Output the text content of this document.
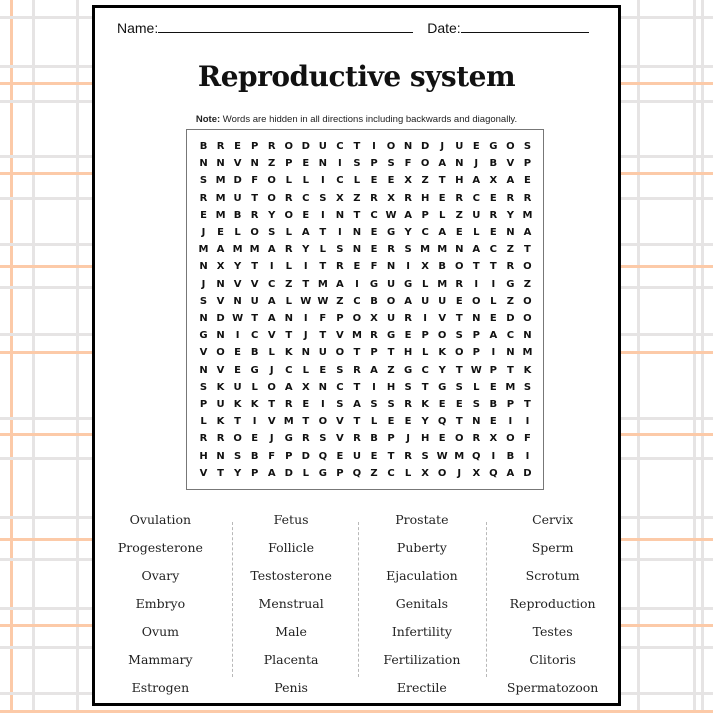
Name:	Date:
Reproductive system
Note: Words are hidden in all directions including backwards and diagonally.
B R E P R O D U C T	I	O N D	J	U E G O S
N N V N Z P E N	I	S P S	F O A N	J	B V P
S M D F O L	L	I	C	L	E	E X Z	T H A X A E
R M U T O R C S X Z R X R H E R C E R R
E M B R Y O E	I	N T C W A P	L	Z U R Y M
J	E	L O S	L A T	I	N E G Y C A E	L	E N A
M A M M A R Y	L	S N E R S M M N A C Z	T
N X Y	T	I	L	I	T R E	F N	I	X B O T	T R O
J	N V V C Z	T M A	I	G U G L M R	I	I	G Z
S V N U A	L W W Z C B O A U U E O L	Z O
N D W T A N	I	F P O X U R	I	V T N E D O
G N	I	C V T	J	T V M R G E P O S P A C N
V O E B	L	K N U O T P T H L K O P	I	N M
N V E G	J	C	L	E	S R A Z G C Y	T W P T K
S K U L O A X N C T	I	H S	T G S	L	E M S
P U K K T R E	I	S A S S R K E	E	S B P T
L K T	I	V M T O V T	L	E	E	Y Q T N E	I	I
R R O E	J	G R S V R B P	J	H E O R X O F
H N S B F P D Q E U E	T R S W M Q	I	B	I
V T	Y P A D L G P Q Z C	L	X O	J	X Q A D
Ovulation
Progesterone
Ovary
Embryo
Ovum
Mammary
Estrogen
Fetus
Follicle
Testosterone
Menstrual
Male
Placenta
Penis
Prostate
Puberty
Ejaculation
Genitals
Infertility
Fertilization
Erectile
Cervix
Sperm
Scrotum
Reproduction
Testes
Clitoris
Spermatozoon
